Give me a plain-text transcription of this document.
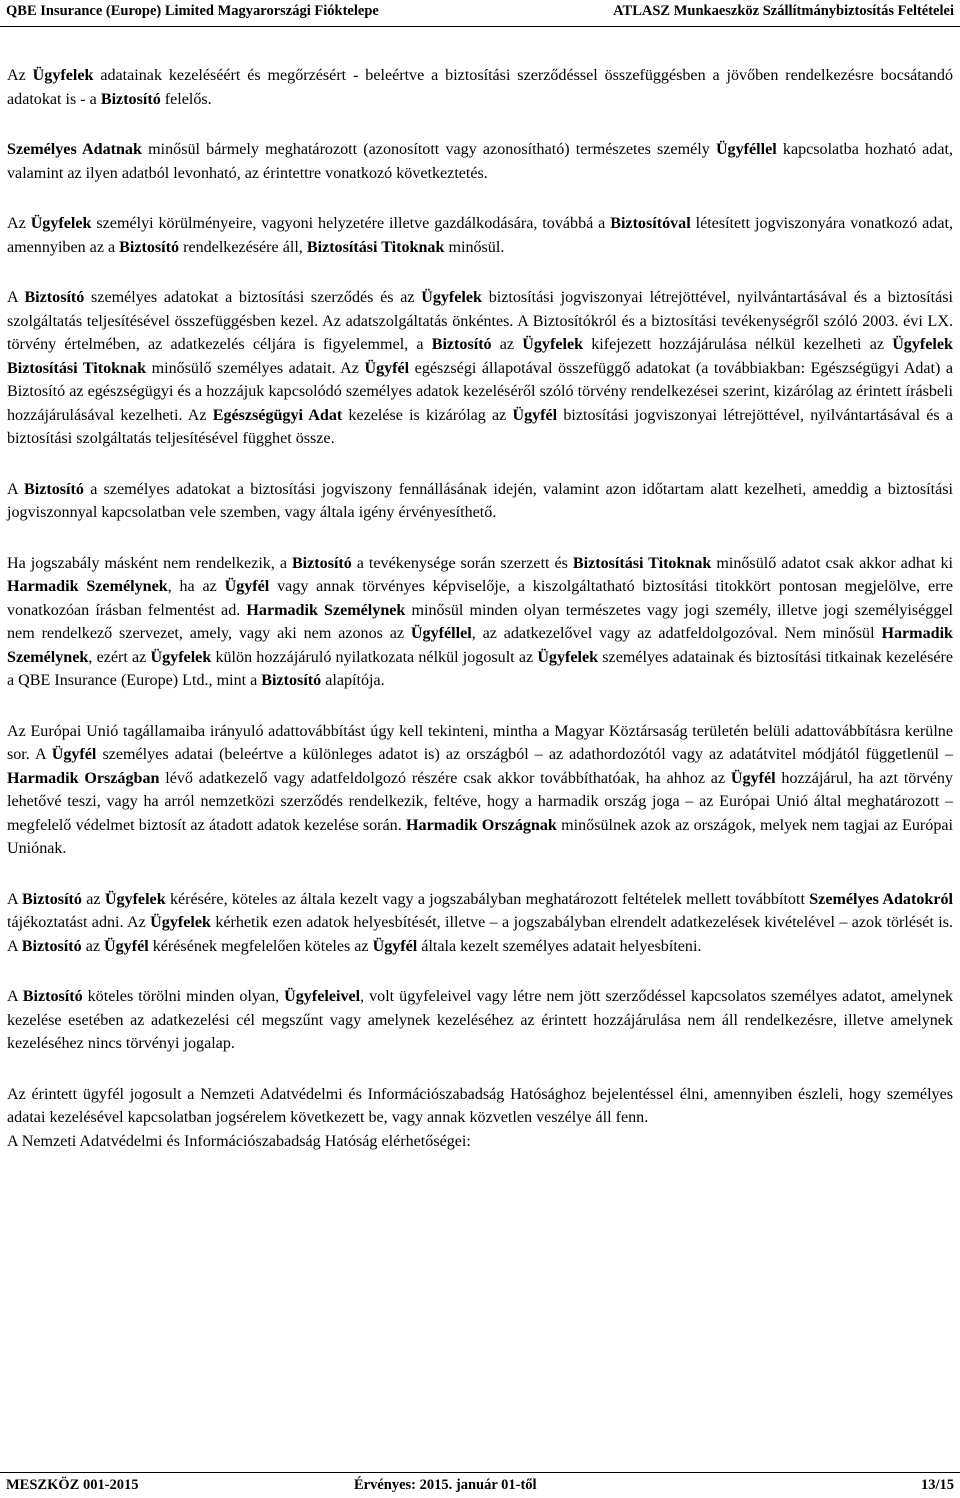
QBE Insurance (Europe) Limited Magyarországi Fióktelepe	ATLASZ Munkaeszköz Szállítmánybiztosítás Feltételei

Az Ügyfelek adatainak kezeléséért és megőrzésért - beleértve a biztosítási szerződéssel összefüggésben a jövőben rendelkezésre bocsátandó adatokat is - a Biztosító felelős.

Személyes Adatnak minősül bármely meghatározott (azonosított vagy azonosítható) természetes személy Ügyféllel kapcsolatba hozható adat, valamint az ilyen adatból levonható, az érintettre vonatkozó következtetés.

Az Ügyfelek személyi körülményeire, vagyoni helyzetére illetve gazdálkodására, továbbá a Biztosítóval létesített jogviszonyára vonatkozó adat, amennyiben az a Biztosító rendelkezésére áll, Biztosítási Titoknak minősül.

A Biztosító személyes adatokat a biztosítási szerződés és az Ügyfelek biztosítási jogviszonyai létrejöttével, nyilvántartásával és a biztosítási szolgáltatás teljesítésével összefüggésben kezel. Az adatszolgáltatás önkéntes. A Biztosítókról és a biztosítási tevékenységről szóló 2003. évi LX. törvény értelmében, az adatkezelés céljára is figyelemmel, a Biztosító az Ügyfelek kifejezett hozzájárulása nélkül kezelheti az Ügyfelek Biztosítási Titoknak minősülő személyes adatait. Az Ügyfél egészségi állapotával összefüggő adatokat (a továbbiakban: Egészségügyi Adat) a Biztosító az egészségügyi és a hozzájuk kapcsolódó személyes adatok kezeléséről szóló törvény rendelkezései szerint, kizárólag az érintett írásbeli hozzájárulásával kezelheti. Az Egészségügyi Adat kezelése is kizárólag az Ügyfél biztosítási jogviszonyai létrejöttével, nyilvántartásával és a biztosítási szolgáltatás teljesítésével függhet össze.

A Biztosító a személyes adatokat a biztosítási jogviszony fennállásának idején, valamint azon időtartam alatt kezelheti, ameddig a biztosítási jogviszonnyal kapcsolatban vele szemben, vagy általa igény érvényesíthető.

Ha jogszabály másként nem rendelkezik, a Biztosító a tevékenysége során szerzett és Biztosítási Titoknak minősülő adatot csak akkor adhat ki Harmadik Személynek, ha az Ügyfél vagy annak törvényes képviselője, a kiszolgáltatható biztosítási titokkört pontosan megjelölve, erre vonatkozóan írásban felmentést ad. Harmadik Személynek minősül minden olyan természetes vagy jogi személy, illetve jogi személyiséggel nem rendelkező szervezet, amely, vagy aki nem azonos az Ügyféllel, az adatkezelővel vagy az adatfeldolgozóval. Nem minősül Harmadik Személynek, ezért az Ügyfelek külön hozzájáruló nyilatkozata nélkül jogosult az Ügyfelek személyes adatainak és biztosítási titkainak kezelésére a QBE Insurance (Europe) Ltd., mint a Biztosító alapítója.

Az Európai Unió tagállamaiba irányuló adattovábbítást úgy kell tekinteni, mintha a Magyar Köztársaság területén belüli adattovábbításra kerülne sor. A Ügyfél személyes adatai (beleértve a különleges adatot is) az országból – az adathordozótól vagy az adatátvitel módjától függetlenül – Harmadik Országban lévő adatkezelő vagy adatfeldolgozó részére csak akkor továbbíthatóak, ha ahhoz az Ügyfél hozzájárul, ha azt törvény lehetővé teszi, vagy ha arról nemzetközi szerződés rendelkezik, feltéve, hogy a harmadik ország joga – az Európai Unió által meghatározott – megfelelő védelmet biztosít az átadott adatok kezelése során. Harmadik Országnak minősülnek azok az országok, melyek nem tagjai az Európai Uniónak.

A Biztosító az Ügyfelek kérésére, köteles az általa kezelt vagy a jogszabályban meghatározott feltételek mellett továbbított Személyes Adatokról tájékoztatást adni. Az Ügyfelek kérhetik ezen adatok helyesbítését, illetve – a jogszabályban elrendelt adatkezelések kivételével – azok törlését is. A Biztosító az Ügyfél kérésének megfelelően köteles az Ügyfél általa kezelt személyes adatait helyesbíteni.

A Biztosító köteles törölni minden olyan, Ügyfeleivel, volt ügyfeleivel vagy létre nem jött szerződéssel kapcsolatos személyes adatot, amelynek kezelése esetében az adatkezelési cél megszűnt vagy amelynek kezeléséhez az érintett hozzájárulása nem áll rendelkezésre, illetve amelynek kezeléséhez nincs törvényi jogalap.

Az érintett ügyfél jogosult a Nemzeti Adatvédelmi és Információszabadság Hatósághoz bejelentéssel élni, amennyiben észleli, hogy személyes adatai kezelésével kapcsolatban jogsérelem következett be, vagy annak közvetlen veszélye áll fenn.

A Nemzeti Adatvédelmi és Információszabadság Hatóság elérhetőségei:

MESZKÖZ 001-2015	Érvényes: 2015. január 01-től	13/15
